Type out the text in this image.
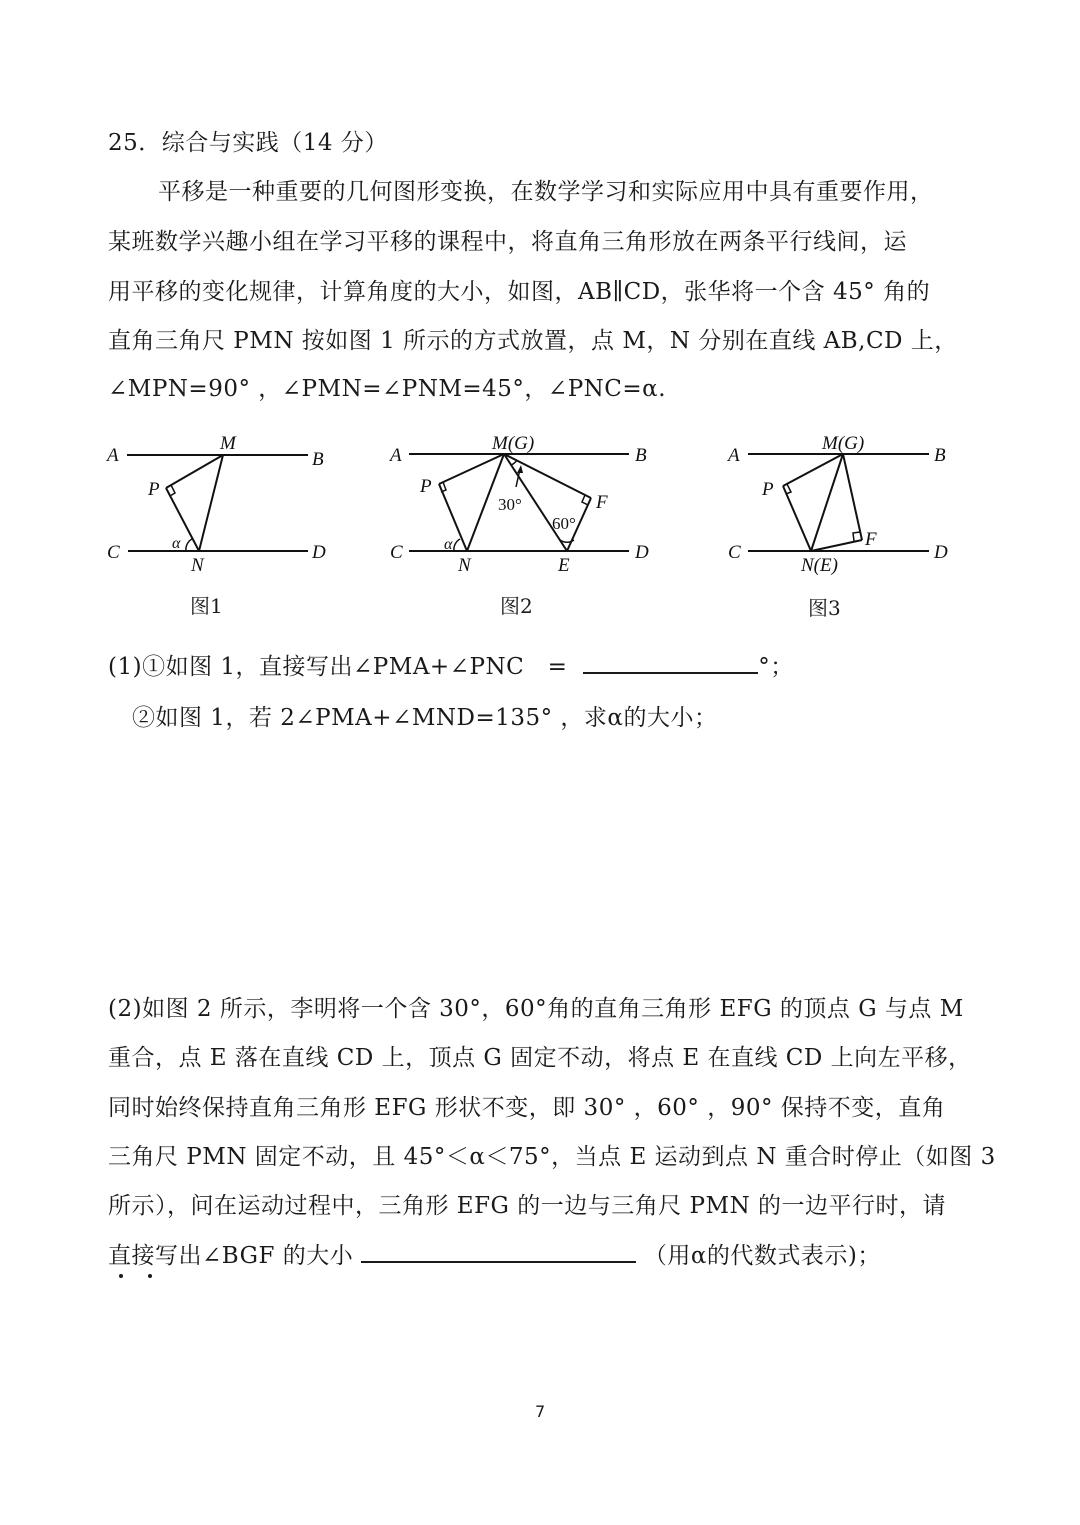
25．综合与实践（14 分）
平移是一种重要的几何图形变换，在数学学习和实际应用中具有重要作用，
某班数学兴趣小组在学习平移的课程中，将直角三角形放在两条平行线间，运
用平移的变化规律，计算角度的大小，如图，AB∥CD，张华将一个含 45° 角的
直角三角尺 PMN 按如图 1 所示的方式放置，点 M，N 分别在直线 AB,CD 上，
∠MPN=90° ，∠PMN=∠PNM=45°，∠PNC=α.
A	B
C	D
M
N
P
α
图1
A	B
C	D
M(G)
N	E
F
P
α
30°
60°
图2
A	B
C	D
M(G)
N(E)
F
P
图3
(1)①如图 1，直接写出∠PMA+∠PNC　=	°；
②如图 1，若 2∠PMA+∠MND=135° ，求α的大小；
(2)如图 2 所示，李明将一个含 30°，60°角的直角三角形 EFG 的顶点 G 与点 M
重合，点 E 落在直线 CD 上，顶点 G 固定不动，将点 E 在直线 CD 上向左平移，
同时始终保持直角三角形 EFG 形状不变，即 30° ，60° ，90° 保持不变，直角
三角尺 PMN 固定不动，且 45°＜α＜75°，当点 E 运动到点 N 重合时停止（如图 3
所示），问在运动过程中，三角形 EFG 的一边与三角尺 PMN 的一边平行时，请
直接写出∠BGF 的大小	（用α的代数式表示)；
7
